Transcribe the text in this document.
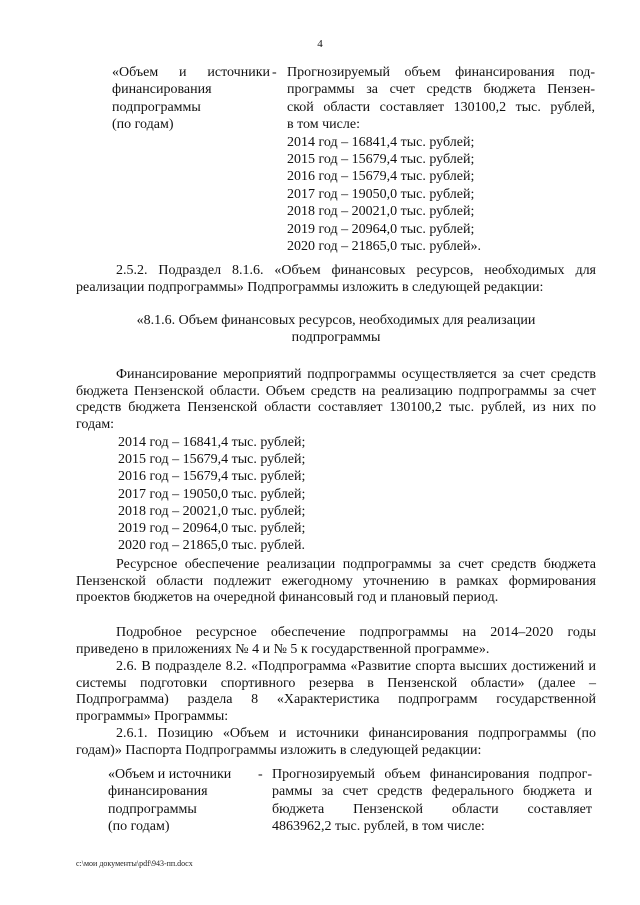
4
«Объем и источники
финансирования
подпрограммы
(по годам)
- Прогнозируемый объем финансирования под-
программы за счет средств бюджета Пензен-
ской области составляет 130100,2 тыс. рублей,
в том числе:
2014 год – 16841,4 тыс. рублей;
2015 год – 15679,4 тыс. рублей;
2016 год – 15679,4 тыс. рублей;
2017 год – 19050,0 тыс. рублей;
2018 год – 20021,0 тыс. рублей;
2019 год – 20964,0 тыс. рублей;
2020 год – 21865,0 тыс. рублей».
2.5.2. Подраздел 8.1.6. «Объем финансовых ресурсов, необходимых для реализации подпрограммы» Подпрограммы изложить в следующей редакции:
«8.1.6. Объем финансовых ресурсов, необходимых для реализации
подпрограммы
Финансирование мероприятий подпрограммы осуществляется за счет средств бюджета Пензенской области. Объем средств на реализацию подпрограммы за счет средств бюджета Пензенской области составляет 130100,2 тыс. рублей, из них по годам:
2014 год – 16841,4 тыс. рублей;
2015 год – 15679,4 тыс. рублей;
2016 год – 15679,4 тыс. рублей;
2017 год – 19050,0 тыс. рублей;
2018 год – 20021,0 тыс. рублей;
2019 год – 20964,0 тыс. рублей;
2020 год – 21865,0 тыс. рублей.
Ресурсное обеспечение реализации подпрограммы за счет средств бюджета Пензенской области подлежит ежегодному уточнению в рамках формирования проектов бюджетов на очередной финансовый год и плановый период.
Подробное ресурсное обеспечение подпрограммы на 2014–2020 годы приведено в приложениях № 4 и № 5 к государственной программе».
2.6. В подразделе 8.2. «Подпрограмма «Развитие спорта высших достижений и системы подготовки спортивного резерва в Пензенской области» (далее – Подпрограмма) раздела 8 «Характеристика подпрограмм государственной программы» Программы:
2.6.1. Позицию «Объем и источники финансирования подпрограммы (по годам)» Паспорта Подпрограммы изложить в следующей редакции:
«Объем и источники
финансирования
подпрограммы
(по годам)
- Прогнозируемый объем финансирования подпрог-
раммы за счет средств федерального бюджета и
бюджета Пензенской области составляет
4863962,2 тыс. рублей, в том числе:
c:\мои документы\pdf\943-пп.docx
